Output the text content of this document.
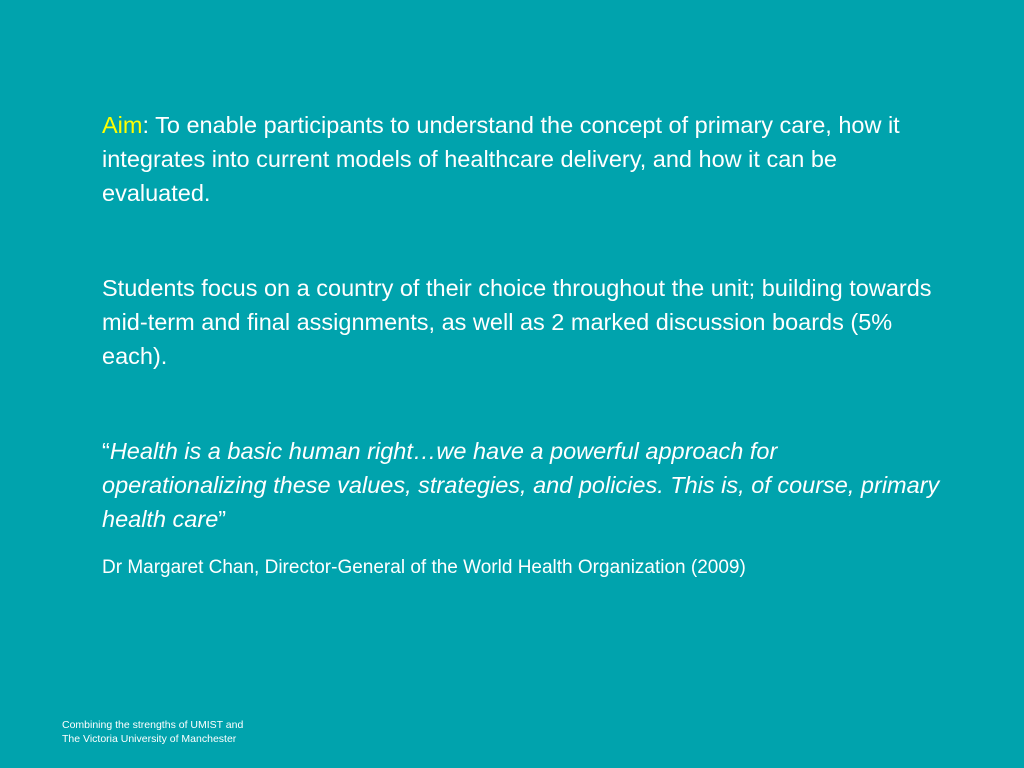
Aim: To enable participants to understand the concept of primary care, how it integrates into current models of healthcare delivery, and how it can be evaluated.

Students focus on a country of their choice throughout the unit; building towards mid-term and final assignments, as well as 2 marked discussion boards (5% each).

“Health is a basic human right…we have a powerful approach for operationalizing these values, strategies, and policies. This is, of course, primary health care”

Dr Margaret Chan, Director-General of the World Health Organization (2009)

Combining the strengths of UMIST and
The Victoria University of Manchester
